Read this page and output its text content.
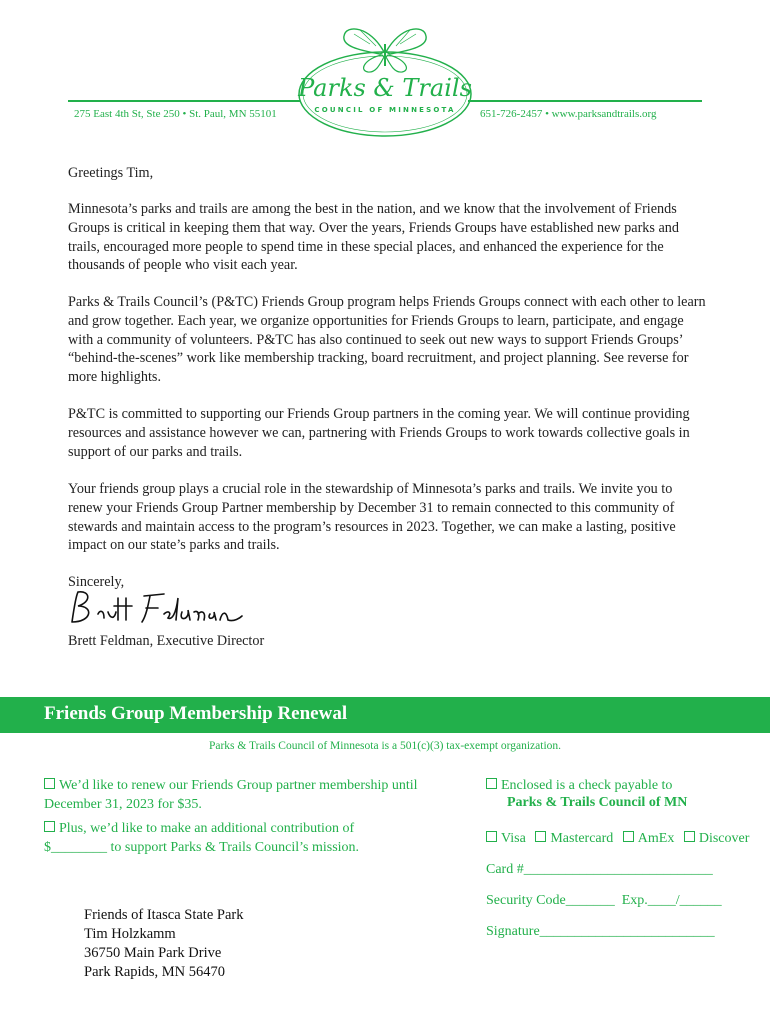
275 East 4th St, Ste 250 • St. Paul, MN 55101	651-726-2457 • www.parksandtrails.org
Parks & Trails
COUNCIL OF MINNESOTA
Greetings Tim,
Minnesota’s parks and trails are among the best in the nation, and we know that the involvement of Friends Groups is critical in keeping them that way. Over the years, Friends Groups have established new parks and trails, encouraged more people to spend time in these special places, and enhanced the experience for the thousands of people who visit each year.
Parks & Trails Council’s (P&TC) Friends Group program helps Friends Groups connect with each other to learn and grow together. Each year, we organize opportunities for Friends Groups to learn, participate, and engage with a community of volunteers. P&TC has also continued to seek out new ways to support Friends Groups’ “behind-the-scenes” work like membership tracking, board recruitment, and project planning. See reverse for more highlights.
P&TC is committed to supporting our Friends Group partners in the coming year. We will continue providing resources and assistance however we can, partnering with Friends Groups to work towards collective goals in support of our parks and trails.
Your friends group plays a crucial role in the stewardship of Minnesota’s parks and trails. We invite you to renew your Friends Group Partner membership by December 31 to remain connected to this community of stewards and maintain access to the program’s resources in 2023. Together, we can make a lasting, positive impact on our state’s parks and trails.
Sincerely,
Brett Feldman, Executive Director
Friends Group Membership Renewal
Parks & Trails Council of Minnesota is a 501(c)(3) tax-exempt organization.
We’d like to renew our Friends Group partner membership until December 31, 2023 for $35.
Plus, we’d like to make an additional contribution of $________ to support Parks & Trails Council’s mission.
Enclosed is a check payable to
Parks & Trails Council of MN
Visa Mastercard AmEx Discover
Card #___________________________
Security Code_______  Exp.____/______
Signature_________________________
Friends of Itasca State Park
Tim Holzkamm
36750 Main Park Drive
Park Rapids, MN 56470
